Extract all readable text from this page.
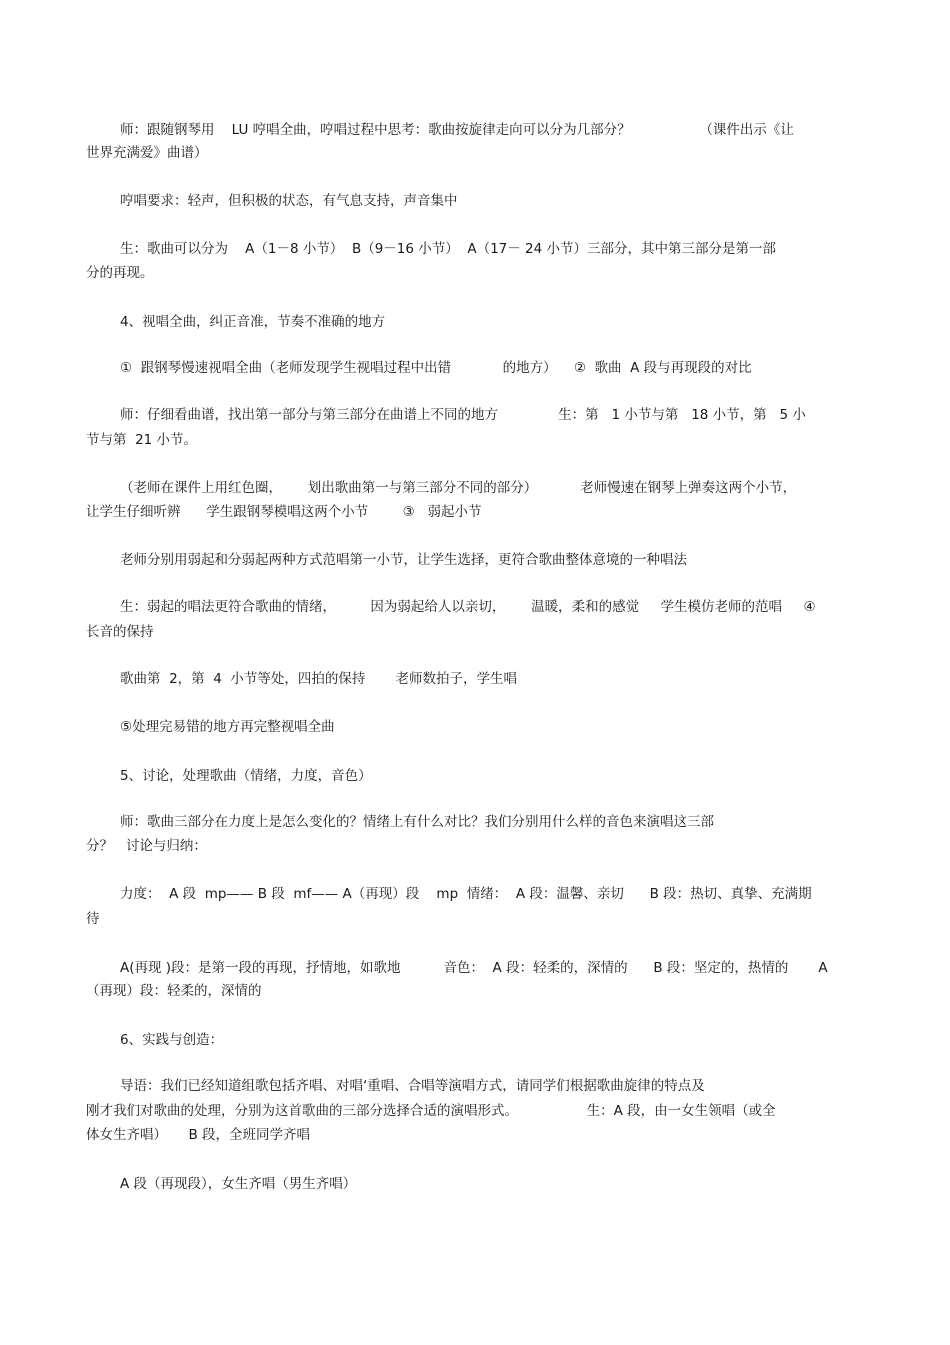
师：跟随钢琴用    LU 哼唱全曲，哼唱过程中思考：歌曲按旋律走向可以分为几部分？                （课件出示《让
世界充满爱》曲谱）
哼唱要求：轻声，但积极的状态，有气息支持，声音集中
生：歌曲可以分为    A（1－8 小节）  B（9－16 小节）  A（17－ 24 小节）三部分，其中第三部分是第一部
分的再现。
4、视唱全曲，纠正音准，节奏不准确的地方
①  跟钢琴慢速视唱全曲（老师发现学生视唱过程中出错            的地方）    ②  歌曲  A 段与再现段的对比
师：仔细看曲谱，找出第一部分与第三部分在曲谱上不同的地方              生：第   1 小节与第   18 小节，第   5 小
节与第  21 小节。
（老师在课件上用红色圈，      划出歌曲第一与第三部分不同的部分）          老师慢速在钢琴上弹奏这两个小节，
让学生仔细听辨      学生跟钢琴模唱这两个小节        ③   弱起小节
老师分别用弱起和分弱起两种方式范唱第一小节，让学生选择，更符合歌曲整体意境的一种唱法
生：弱起的唱法更符合歌曲的情绪，        因为弱起给人以亲切，      温暖，柔和的感觉     学生模仿老师的范唱     ④
长音的保持
歌曲第  2，第  4  小节等处，四拍的保持       老师数拍子，学生唱
⑤处理完易错的地方再完整视唱全曲
5、讨论，处理歌曲（情绪，力度，音色）
师：歌曲三部分在力度上是怎么变化的？情绪上有什么对比？我们分别用什么样的音色来演唱这三部
分？   讨论与归纳：
力度：  A 段  mp—— B 段  mf—— A（再现）段    mp  情绪：  A 段：温馨、亲切      B 段：热切、真挚、充满期
待
A(再现 )段：是第一段的再现，抒情地，如歌地          音色：  A 段：轻柔的，深情的      B 段：坚定的，热情的       A
（再现）段：轻柔的，深情的
6、实践与创造：
导语：我们已经知道组歌包括齐唱、对唱‘重唱、合唱等演唱方式，请同学们根据歌曲旋律的特点及
刚才我们对歌曲的处理，分别为这首歌曲的三部分选择合适的演唱形式。                生：A 段，由一女生领唱（或全
体女生齐唱）     B 段，全班同学齐唱
A 段（再现段），女生齐唱（男生齐唱）
